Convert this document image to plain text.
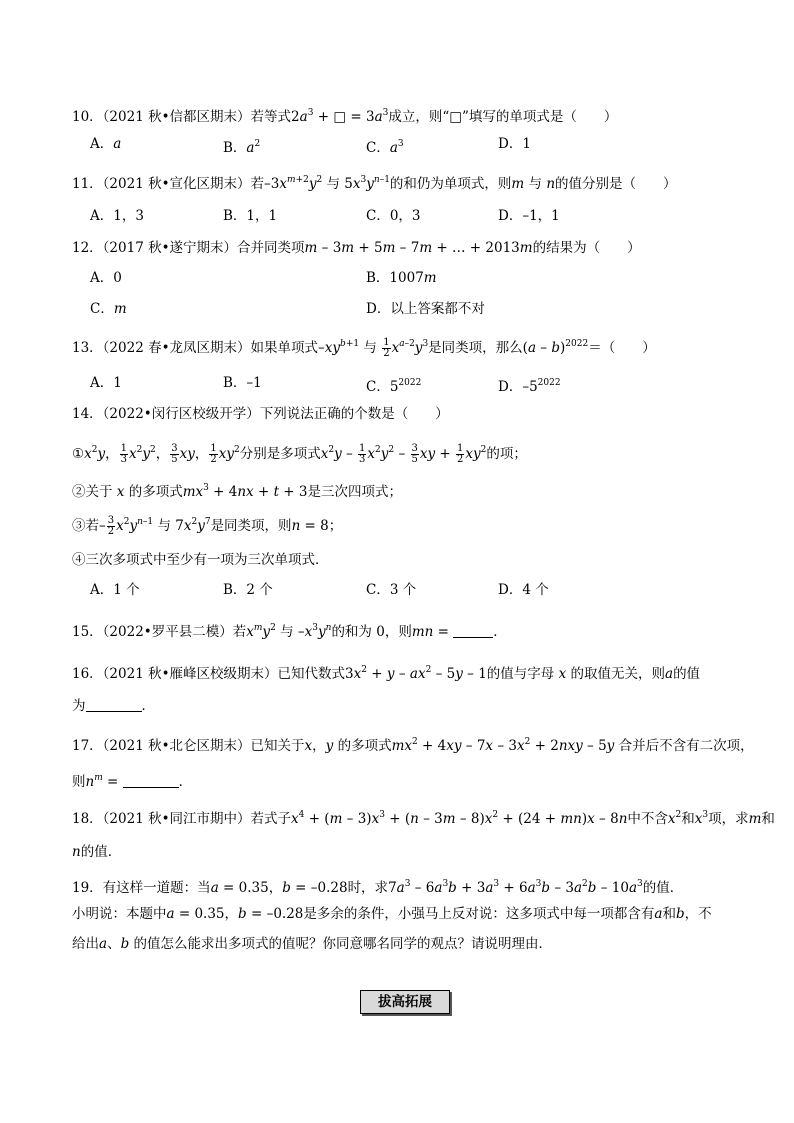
10．（2021 秋•信都区期末）若等式$2a^3$ + □ = $3a^3$成立，则“□”填写的单项式是（　　）
A．a	B．$a^2$	C．$a^3$	D．1
11．（2021 秋•宣化区期末）若$-3x^{m+2}y^2$ 与 $5x^3y^{n-1}$的和仍为单项式，则m 与 n的值分别是（　　）
A．1，3	B．1，1	C．0，3	D．–1，1
12．（2017 秋•遂宁期末）合并同类项m – 3m + 5m – 7m + … + 2013m的结果为（　　）
A．0	B．1007m
C．m	D．以上答案都不对
13．（2022 春•龙凤区期末）如果单项式$-xy^{b+1}$ 与 $\frac{1}{2} x^{a-2}y^3$是同类项，那么(a – b)$^{2022}$＝（　　）
A．1	B．–1	C．$5^{2022}$	D．$-5^{2022}$
14．（2022•闵行区校级开学）下列说法正确的个数是（　　）
$①x^2y$， $\frac{1}{3} x^2y^2$， $\frac{3}{5}$ xy， $\frac{1}{2} xy^2$分别是多项式$x^2y - \frac{1}{3} x^2y^2 - \frac{3}{5}$ xy + $\frac{1}{2} xy^2$的项；
②关于 x 的多项式$mx^3 + 4nx + t + 3$是三次四项式；
③若– $\frac{3}{2} x^2y^{n-1}$ 与 $7x^2y^7$是同类项，则n = 8；
④三次多项式中至少有一项为三次单项式．
A．1 个	B．2 个	C．3 个	D．4 个
15．（2022•罗平县二模）若$x^my^2$ 与 $-x^3y^n$的和为 0，则mn =	．
16．（2021 秋•雁峰区校级期末）已知代数式$3x^2 + y - ax^2 - 5y - 1$的值与字母 x 的取值无关，则a的值
为	．
17．（2021 秋•北仑区期末）已知关于x，y 的多项式$mx^2 + 4xy - 7x - 3x^2 + 2nxy - 5y$ 合并后不含有二次项，
则$n^m$ =	．
18．（2021 秋•同江市期中）若式子$x^4 + (m - 3)x^3 + (n - 3m - 8)x^2 + (24 + mn)x - 8n$中不含$x^2$和$x^3$项，求m和
n的值．
19．有这样一道题：当a = 0.35，b = –0.28时，求$7a^3 - 6a^3b + 3a^3 + 6a^3b - 3a^2b - 10a^3$的值．
小明说：本题中a = 0.35，b = –0.28是多余的条件，小强马上反对说：这多项式中每一项都含有a和b，不
给出a、b 的值怎么能求出多项式的值呢？你同意哪名同学的观点？请说明理由．
拔高拓展
